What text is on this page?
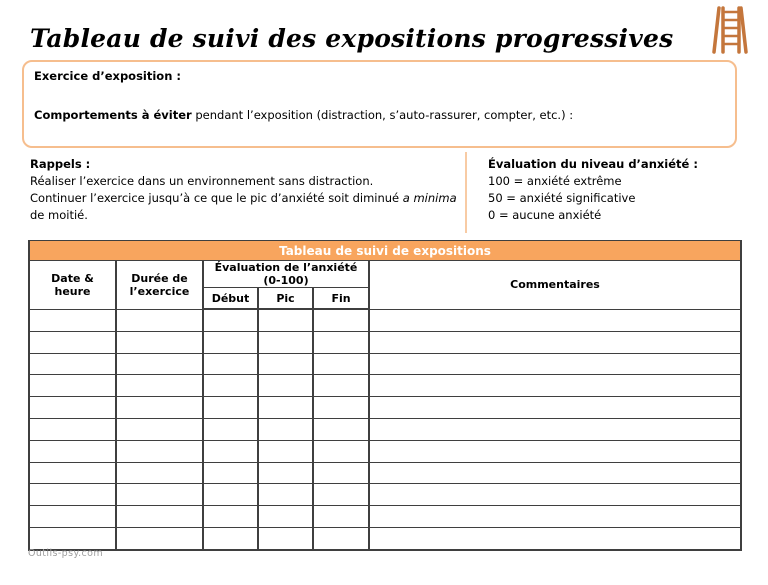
Tableau de suivi des expositions progressives
Exercice d’exposition :
Comportements à éviter pendant l’exposition (distraction, s’auto-rassurer, compter, etc.) :
Rappels :
Réaliser l’exercice dans un environnement sans distraction.
Continuer l’exercice jusqu’à ce que le pic d’anxiété soit diminué a minima de moitié.
Évaluation du niveau d’anxiété :
100 = anxiété extrême
50 = anxiété significative
0 = aucune anxiété
Tableau de suivi de expositions					
Date & heure	Durée de l’exercice	Évaluation de l’anxiété (0-100)			Commentaires
		Début	Pic	Fin	

Outils-psy.com
